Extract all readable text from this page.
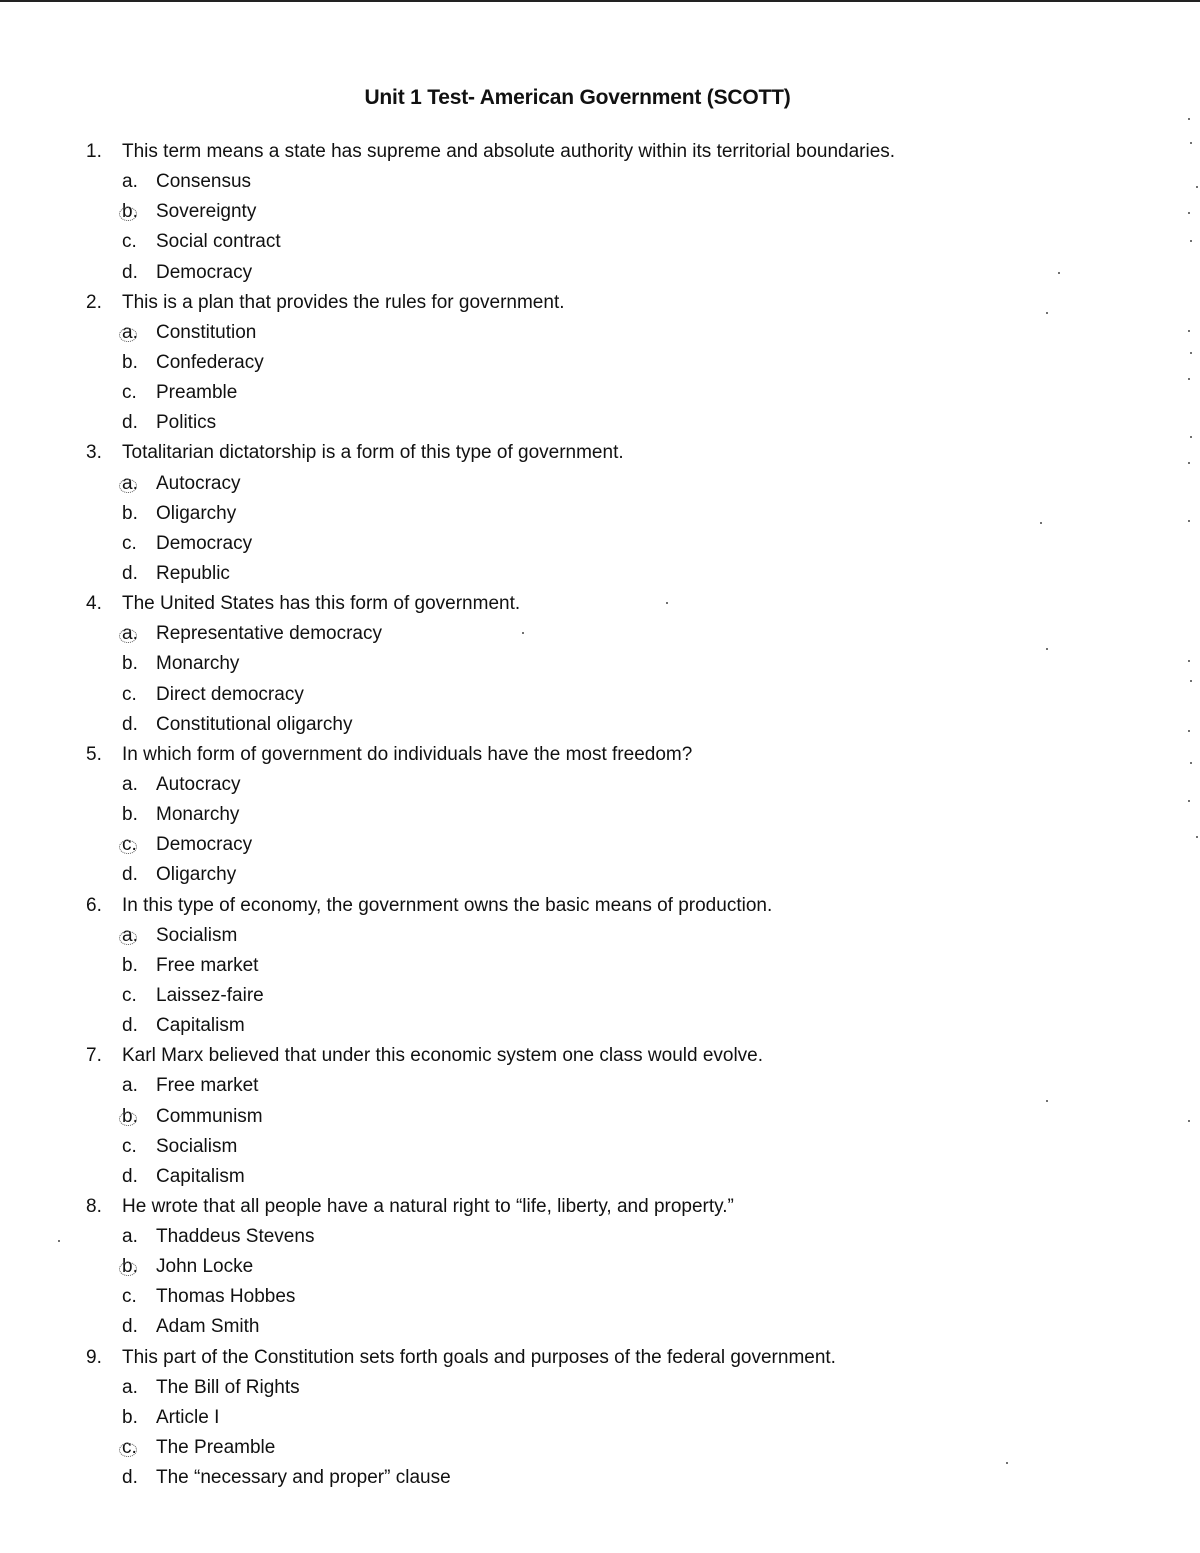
Unit 1 Test- American Government (SCOTT)
1. This term means a state has supreme and absolute authority within its territorial boundaries.
a. Consensus
b. Sovereignty
c. Social contract
d. Democracy
2. This is a plan that provides the rules for government.
a. Constitution
b. Confederacy
c. Preamble
d. Politics
3. Totalitarian dictatorship is a form of this type of government.
a. Autocracy
b. Oligarchy
c. Democracy
d. Republic
4. The United States has this form of government.
a. Representative democracy
b. Monarchy
c. Direct democracy
d. Constitutional oligarchy
5. In which form of government do individuals have the most freedom?
a. Autocracy
b. Monarchy
c. Democracy
d. Oligarchy
6. In this type of economy, the government owns the basic means of production.
a. Socialism
b. Free market
c. Laissez-faire
d. Capitalism
7. Karl Marx believed that under this economic system one class would evolve.
a. Free market
b. Communism
c. Socialism
d. Capitalism
8. He wrote that all people have a natural right to “life, liberty, and property.”
a. Thaddeus Stevens
b. John Locke
c. Thomas Hobbes
d. Adam Smith
9. This part of the Constitution sets forth goals and purposes of the federal government.
a. The Bill of Rights
b. Article I
c. The Preamble
d. The “necessary and proper” clause
